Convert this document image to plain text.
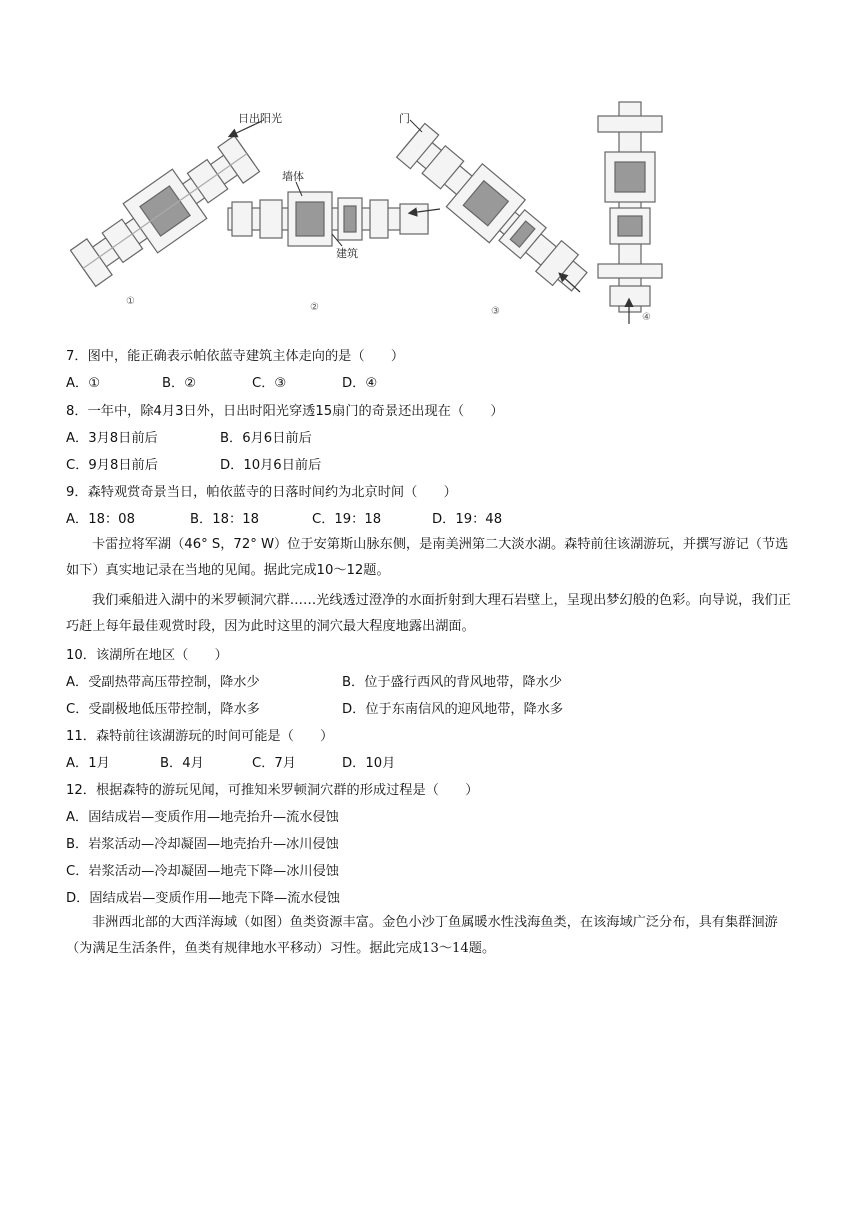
日出阳光	门
墙体
建筑
①
②	③
④
7．图中，能正确表示帕依蓝寺建筑主体走向的是（　　）
A．①	B．②	C．③	D．④
8．一年中，除4月3日外，日出时阳光穿透15扇门的奇景还出现在（　　）
A．3月8日前后	B．6月6日前后
C．9月8日前后	D．10月6日前后
9．森特观赏奇景当日，帕依蓝寺的日落时间约为北京时间（　　）
A．18：08	B．18：18	C．19：18	D．19：48
卡雷拉将军湖（46° S，72° W）位于安第斯山脉东侧，是南美洲第二大淡水湖。森特前往该湖游玩，并撰写游记（节选如下）真实地记录在当地的见闻。据此完成10～12题。
我们乘船进入湖中的米罗顿洞穴群……光线透过澄净的水面折射到大理石岩壁上，呈现出梦幻般的色彩。向导说，我们正巧赶上每年最佳观赏时段，因为此时这里的洞穴最大程度地露出湖面。
10．该湖所在地区（　　）
A．受副热带高压带控制，降水少	B．位于盛行西风的背风地带，降水少
C．受副极地低压带控制，降水多	D．位于东南信风的迎风地带，降水多
11．森特前往该湖游玩的时间可能是（　　）
A．1月	B．4月	C．7月	D．10月
12．根据森特的游玩见闻，可推知米罗顿洞穴群的形成过程是（　　）
A．固结成岩—变质作用—地壳抬升—流水侵蚀
B．岩浆活动—冷却凝固—地壳抬升—冰川侵蚀
C．岩浆活动—冷却凝固—地壳下降—冰川侵蚀
D．固结成岩—变质作用—地壳下降—流水侵蚀
非洲西北部的大西洋海域（如图）鱼类资源丰富。金色小沙丁鱼属暖水性浅海鱼类，在该海域广泛分布，具有集群洄游（为满足生活条件，鱼类有规律地水平移动）习性。据此完成13～14题。
